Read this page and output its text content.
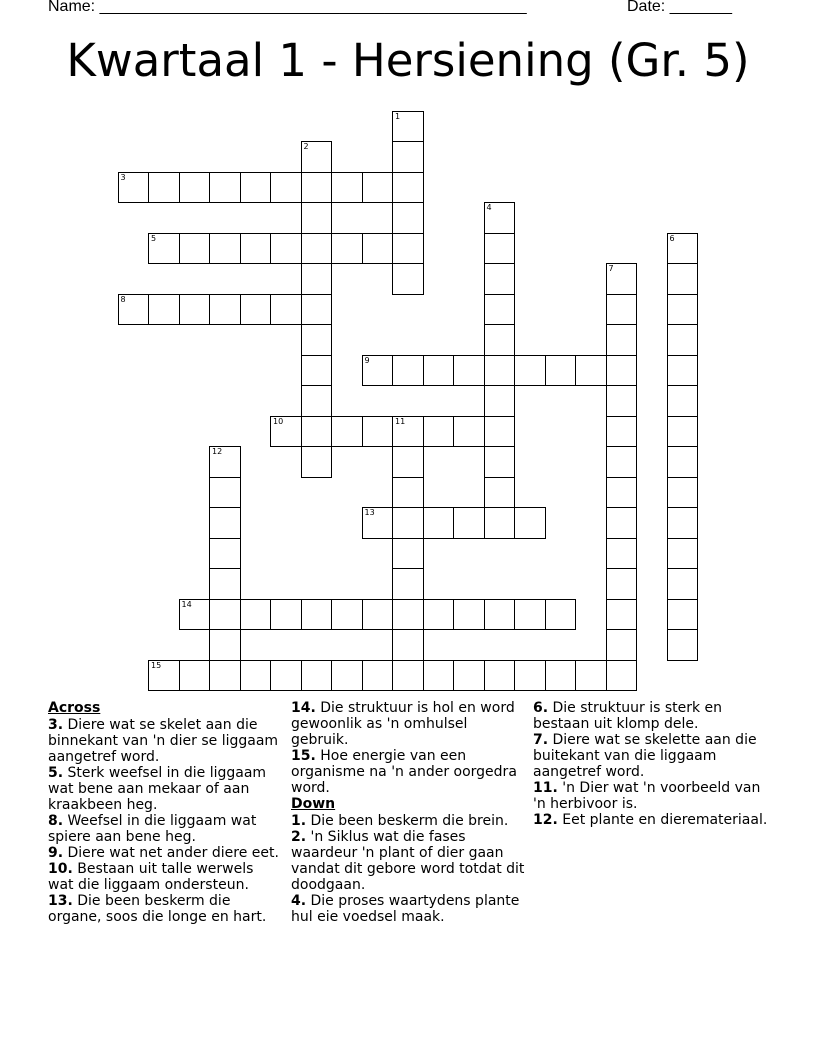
Name: ________________________________________________	Date: _______
Kwartaal 1 - Hersiening (Gr. 5)
1
2
3
4
5	6
7
8
9
10	11
12
13
14
15
Across
3. Diere wat se skelet aan die binnekant van 'n dier se liggaam aangetref word.
5. Sterk weefsel in die liggaam wat bene aan mekaar of aan kraakbeen heg.
8. Weefsel in die liggaam wat spiere aan bene heg.
9. Diere wat net ander diere eet.
10. Bestaan uit talle werwels wat die liggaam ondersteun.
13. Die been beskerm die organe, soos die longe en hart.
14. Die struktuur is hol en word gewoonlik as 'n omhulsel gebruik.
15. Hoe energie van een organisme na 'n ander oorgedra word.
Down
1. Die been beskerm die brein.
2. 'n Siklus wat die fases waardeur 'n plant of dier gaan vandat dit gebore word totdat dit doodgaan.
4. Die proses waartydens plante hul eie voedsel maak.
6. Die struktuur is sterk en bestaan uit klomp dele.
7. Diere wat se skelette aan die buitekant van die liggaam aangetref word.
11. 'n Dier wat 'n voorbeeld van 'n herbivoor is.
12. Eet plante en dieremateriaal.
